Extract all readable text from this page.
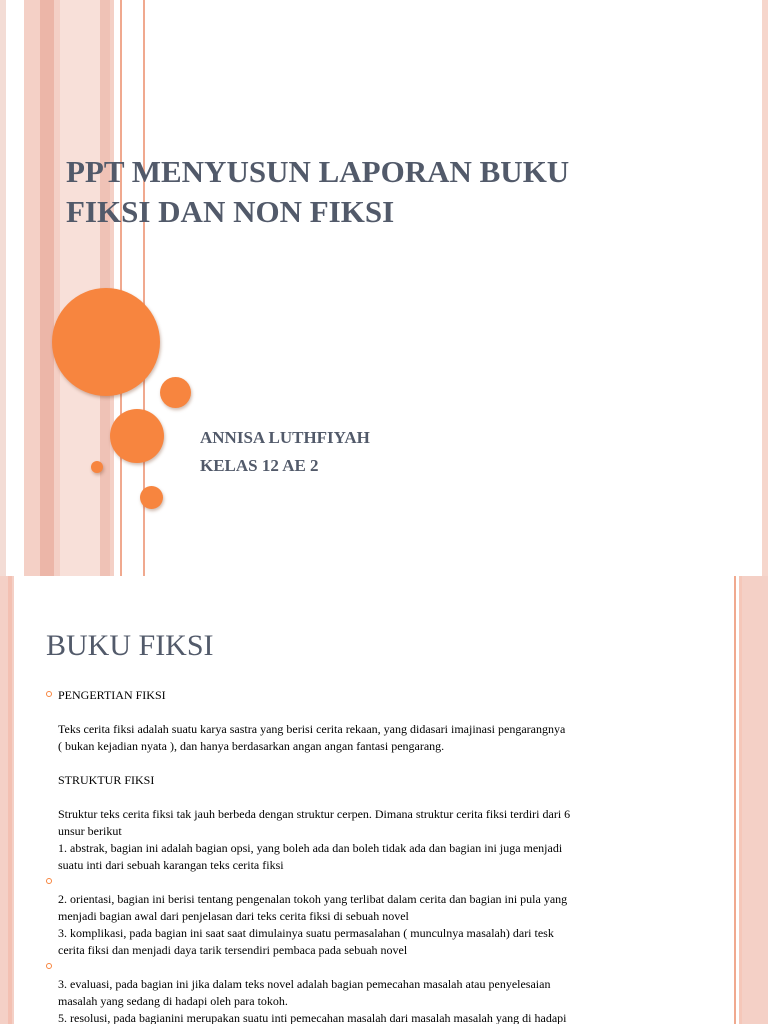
PPT MENYUSUN LAPORAN BUKU
FIKSI DAN NON FIKSI
ANNISA LUTHFIYAH
KELAS 12 AE 2
BUKU FIKSI
PENGERTIAN FIKSI
Teks cerita fiksi adalah suatu karya sastra yang berisi cerita rekaan, yang didasari imajinasi pengarangnya
( bukan kejadian nyata ), dan hanya berdasarkan angan angan fantasi pengarang.
STRUKTUR FIKSI
Struktur teks cerita fiksi tak jauh berbeda dengan struktur cerpen. Dimana struktur cerita fiksi terdiri dari 6
unsur berikut
1. abstrak, bagian ini adalah bagian opsi, yang boleh ada dan boleh tidak ada dan bagian ini juga menjadi
suatu inti dari sebuah karangan teks cerita fiksi
2. orientasi, bagian ini berisi tentang pengenalan tokoh yang terlibat dalam cerita dan bagian ini pula yang
menjadi bagian awal dari penjelasan dari teks cerita fiksi di sebuah novel
3. komplikasi, pada bagian ini saat saat dimulainya suatu permasalahan ( munculnya masalah) dari tesk
cerita fiksi dan menjadi daya tarik tersendiri pembaca pada sebuah novel
3. evaluasi, pada bagian ini jika dalam teks novel adalah bagian pemecahan masalah atau penyelesaian
masalah yang sedang di hadapi oleh para tokoh.
5. resolusi, pada bagianini merupakan suatu inti pemecahan masalah dari masalah masalah yang di hadapi
